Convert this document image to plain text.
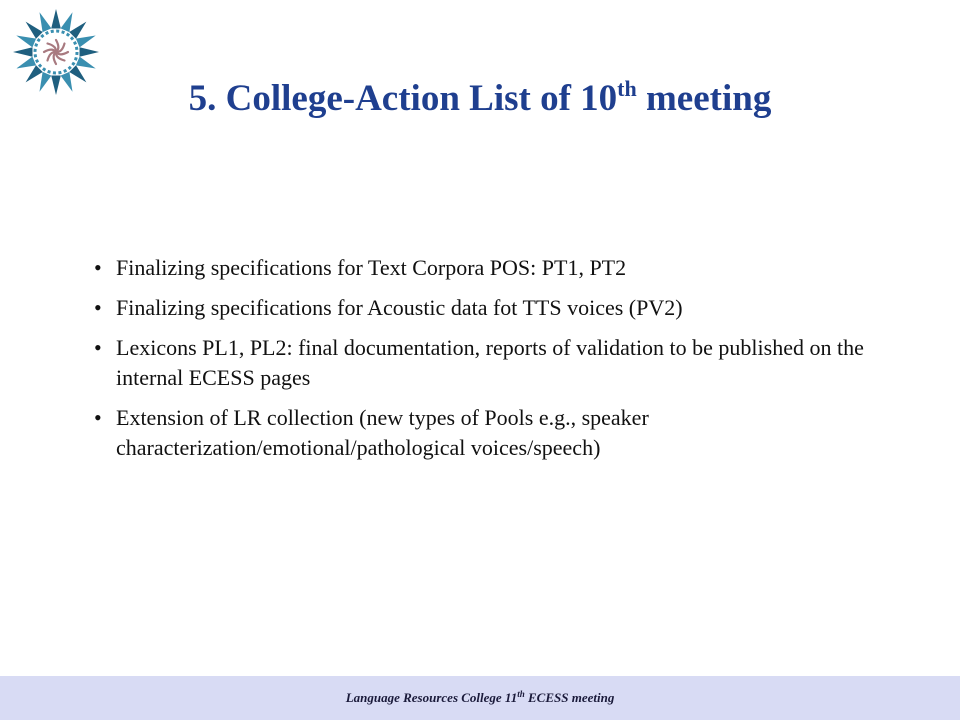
5. College-Action List of 10th meeting
• Finalizing specifications for Text Corpora POS: PT1, PT2
• Finalizing specifications for Acoustic data fot TTS voices (PV2)
• Lexicons PL1, PL2: final documentation, reports of validation to be published on the internal ECESS pages
• Extension of LR collection (new types of Pools e.g., speaker characterization/emotional/pathological voices/speech)
Language Resources College 11th ECESS meeting
